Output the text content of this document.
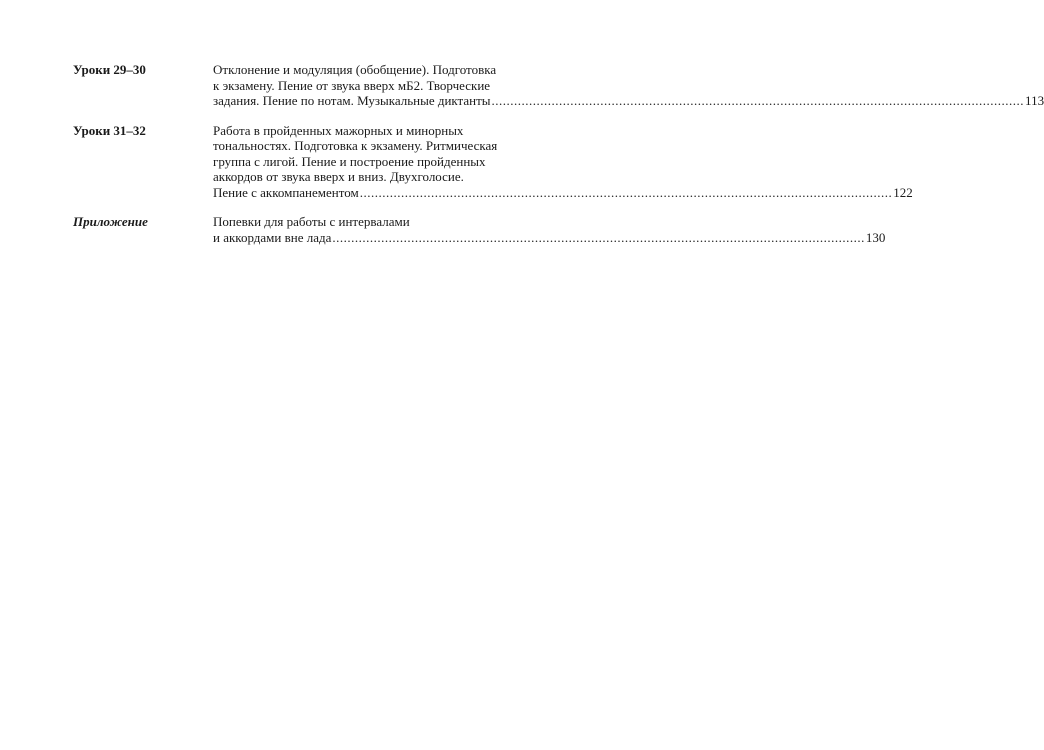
Уроки 29–30	Отклонение и модуляция (обобщение). Подготовка
к экзамену. Пение от звука вверх мБ2. Творческие
задания. Пение по нотам. Музыкальные диктанты .....	113
Уроки 31–32	Работа в пройденных мажорных и минорных
тональностях. Подготовка к экзамену. Ритмическая
группа с лигой. Пение и построение пройденных
аккордов от звука вверх и вниз. Двухголосие.
Пение с аккомпанементом .....	122
Приложение	Попевки для работы с интервалами
и аккордами вне лада .....	130
